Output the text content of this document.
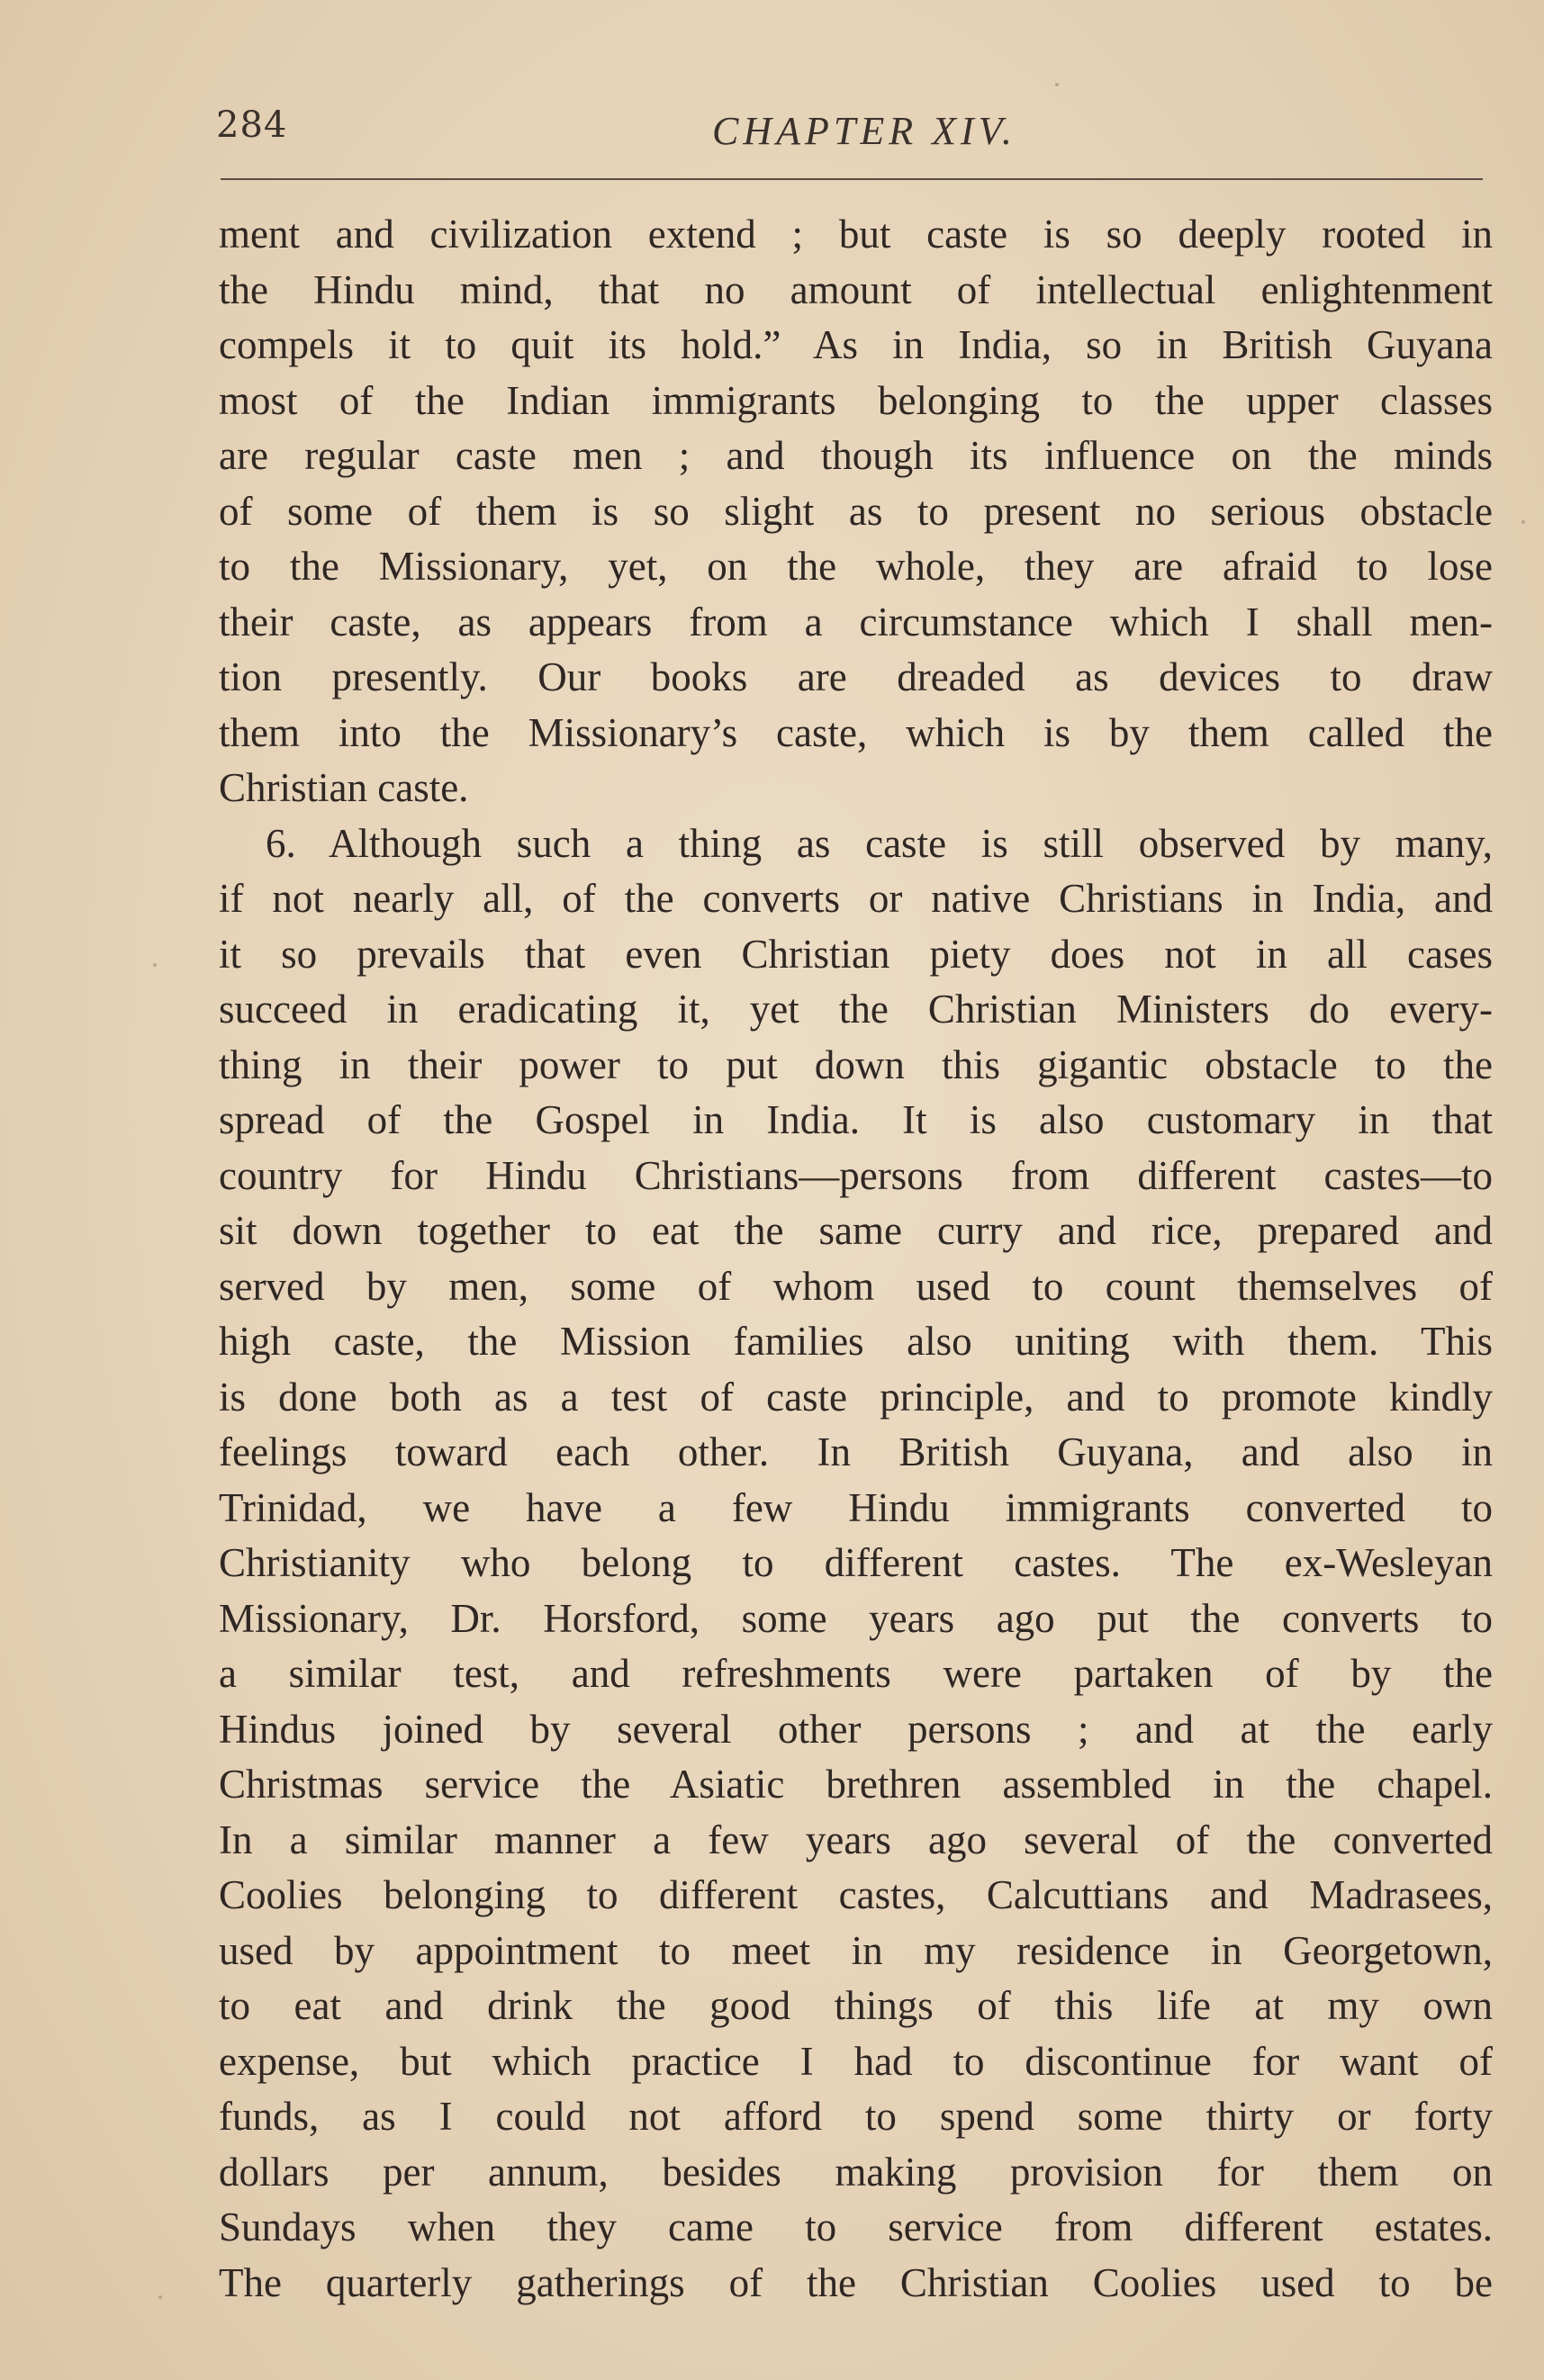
284	CHAPTER XIV.
ment and civilization extend ; but caste is so deeply rooted in
the Hindu mind, that no amount of intellectual enlightenment
compels it to quit its hold.” As in India, so in British Guyana
most of the Indian immigrants belonging to the upper classes
are regular caste men ; and though its influence on the minds
of some of them is so slight as to present no serious obstacle
to the Missionary, yet, on the whole, they are afraid to lose
their caste, as appears from a circumstance which I shall men-
tion presently. Our books are dreaded as devices to draw
them into the Missionary’s caste, which is by them called the
Christian caste.
6. Although such a thing as caste is still observed by many,
if not nearly all, of the converts or native Christians in India, and
it so prevails that even Christian piety does not in all cases
succeed in eradicating it, yet the Christian Ministers do every-
thing in their power to put down this gigantic obstacle to the
spread of the Gospel in India. It is also customary in that
country for Hindu Christians—persons from different castes—to
sit down together to eat the same curry and rice, prepared and
served by men, some of whom used to count themselves of
high caste, the Mission families also uniting with them. This
is done both as a test of caste principle, and to promote kindly
feelings toward each other. In British Guyana, and also in
Trinidad, we have a few Hindu immigrants converted to
Christianity who belong to different castes. The ex-Wesleyan
Missionary, Dr. Horsford, some years ago put the converts to
a similar test, and refreshments were partaken of by the
Hindus joined by several other persons ; and at the early
Christmas service the Asiatic brethren assembled in the chapel.
In a similar manner a few years ago several of the converted
Coolies belonging to different castes, Calcuttians and Madrasees,
used by appointment to meet in my residence in Georgetown,
to eat and drink the good things of this life at my own
expense, but which practice I had to discontinue for want of
funds, as I could not afford to spend some thirty or forty
dollars per annum, besides making provision for them on
Sundays when they came to service from different estates.
The quarterly gatherings of the Christian Coolies used to be
